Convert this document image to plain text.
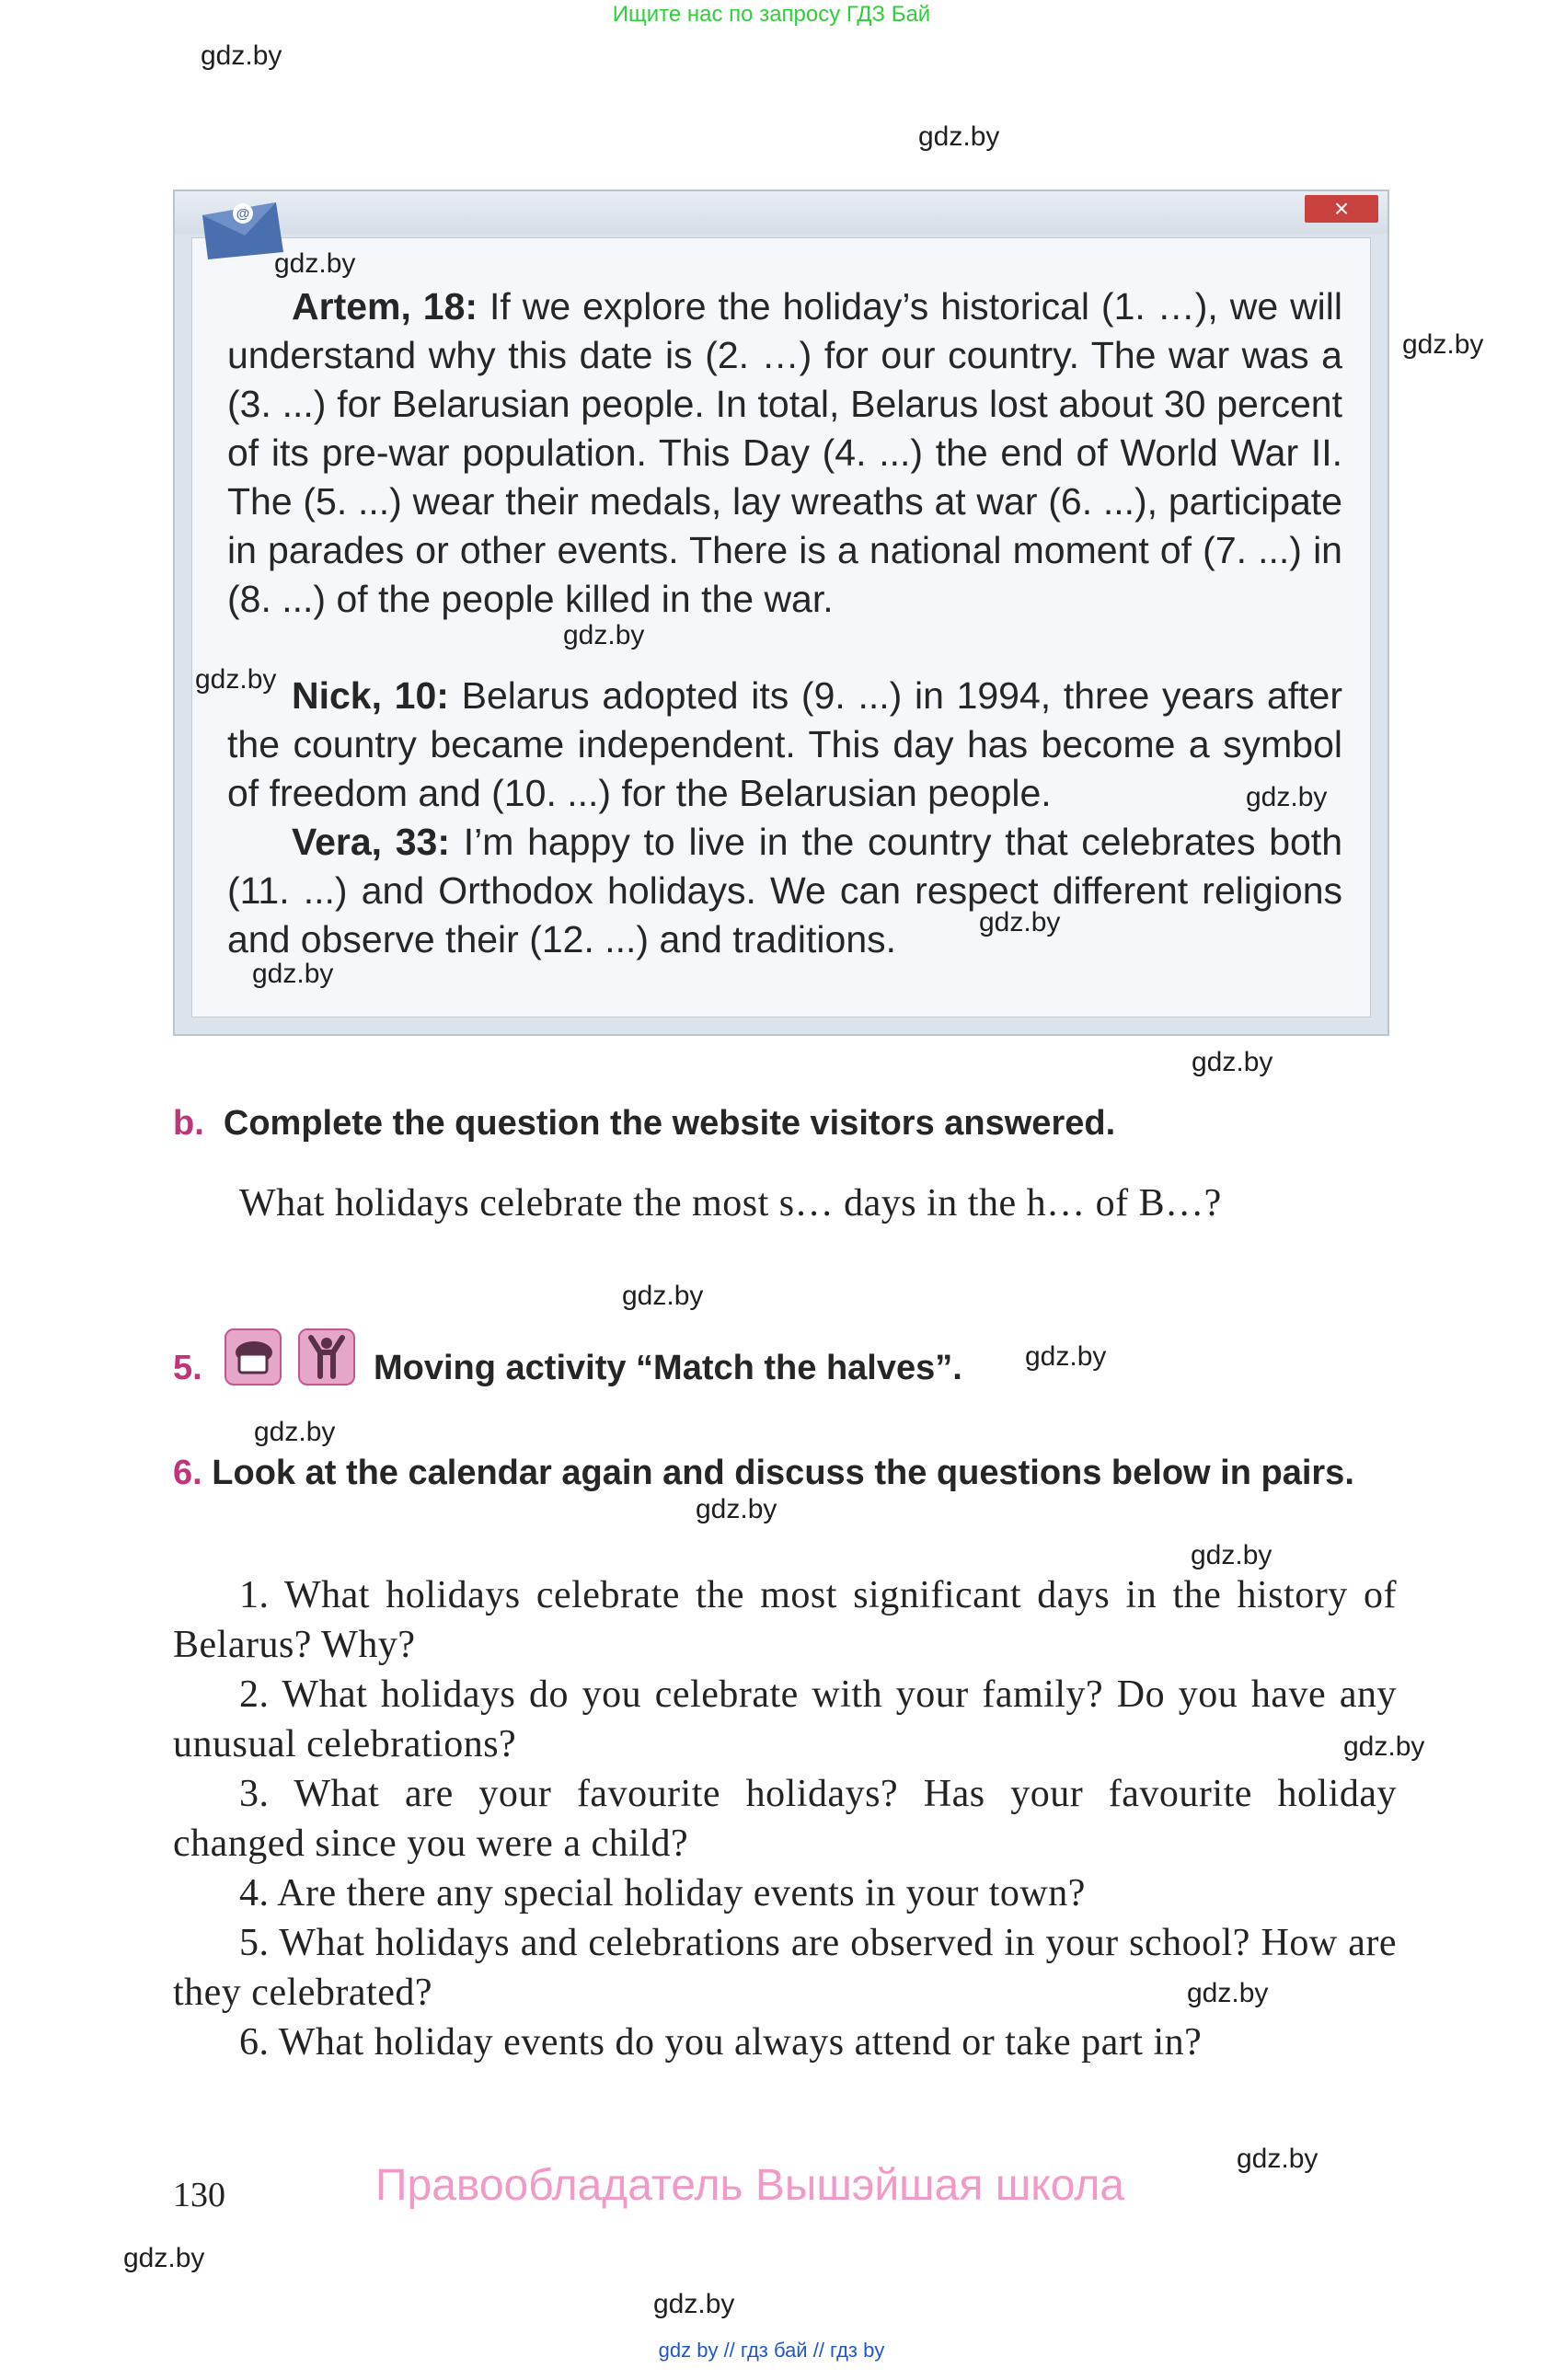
Ищите нас по запросу ГДЗ Бай
gdz.by
gdz.by
gdz.by
gdz.by
gdz.by
gdz.by
gdz.by
gdz.by
gdz.by
gdz.by
gdz.by
gdz.by
gdz.by
gdz.by
×
@
gdz.by
gdz.by
gdz.by
gdz.by
gdz.by
gdz.by

Artem, 18: If we explore the holiday’s historical (1. …), we will understand why this date is (2. …) for our country. The war was a (3. ...) for Belarusian people. In total, Belarus lost about 30 percent of its pre-war population. This Day (4. ...) the end of World War II. The (5. ...) wear their medals, lay wreaths at war (6. ...), participate in parades or other events. There is a national moment of (7. ...) in (8. ...) of the people killed in the war.

Nick, 10: Belarus adopted its (9. ...) in 1994, three years after the country became independent. This day has become a symbol of freedom and (10. ...) for the Belarusian people.

Vera, 33: I’m happy to live in the country that celebrates both (11. ...) and Orthodox holidays. We can respect different religions and observe their (12. ...) and traditions.

b. Complete the question the website visitors answered.

What holidays celebrate the most s… days in the h… of B…?

5.	Moving activity “Match the halves”.
6. Look at the calendar again and discuss the questions below in pairs.

1. What holidays celebrate the most significant days in the history of Belarus? Why?

2. What holidays do you celebrate with your family? Do you have any unusual celebrations?

3. What are your favourite holidays? Has your favourite holiday changed since you were a child?

4. Are there any special holiday events in your town?

5. What holidays and celebrations are observed in your school? How are they celebrated?

6. What holiday events do you always attend or take part in?

130	Правообладатель Вышэйшая школа
gdz by // гдз бай // гдз by
